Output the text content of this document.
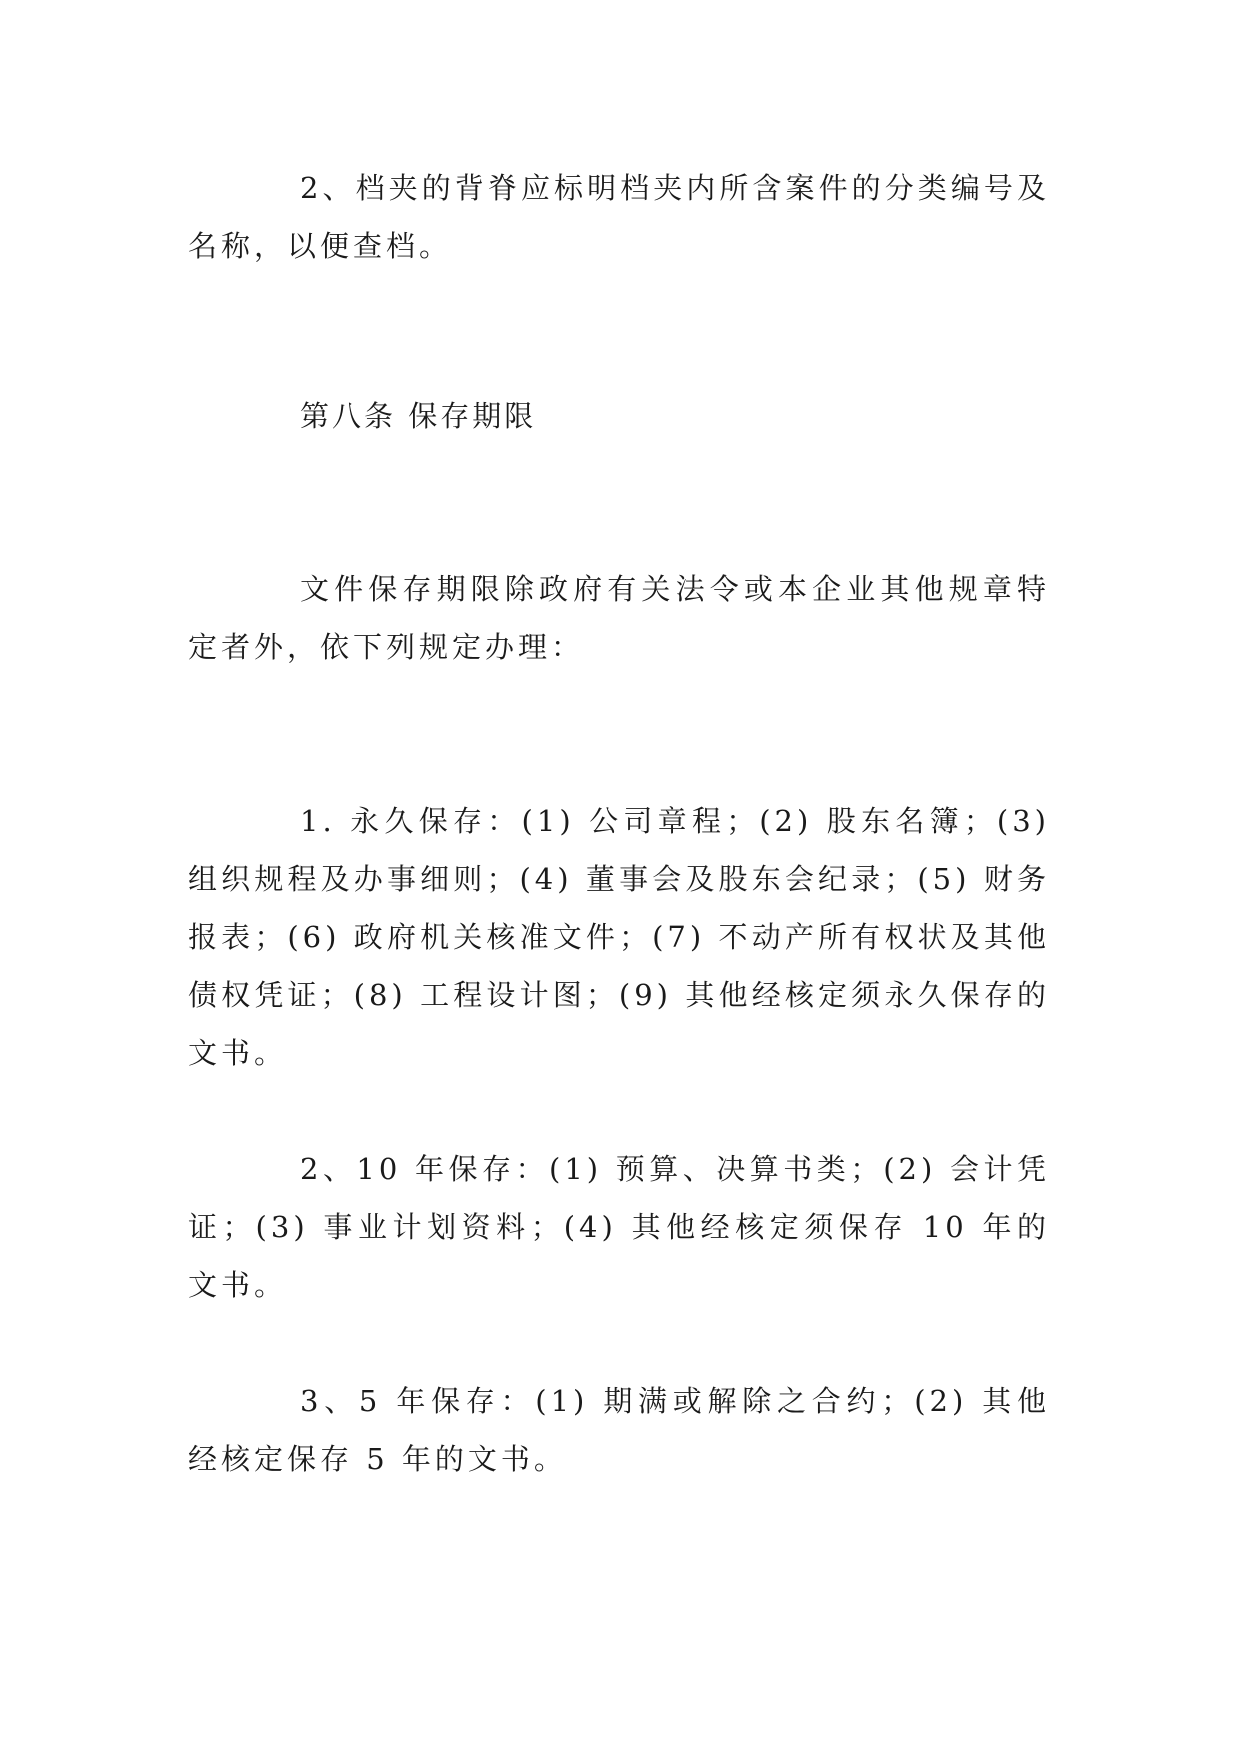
2、档夹的背脊应标明档夹内所含案件的分类编号及名称，以便查档。

第八条 保存期限

文件保存期限除政府有关法令或本企业其他规章特定者外，依下列规定办理：

1. 永久保存：(1) 公司章程；(2) 股东名簿；(3) 组织规程及办事细则；(4) 董事会及股东会纪录；(5) 财务报表；(6) 政府机关核准文件；(7) 不动产所有权状及其他债权凭证；(8) 工程设计图；(9) 其他经核定须永久保存的文书。

2、10 年保存：(1) 预算、决算书类；(2) 会计凭证；(3) 事业计划资料；(4) 其他经核定须保存 10 年的文书。

3、5 年保存：(1) 期满或解除之合约；(2) 其他经核定保存 5 年的文书。
